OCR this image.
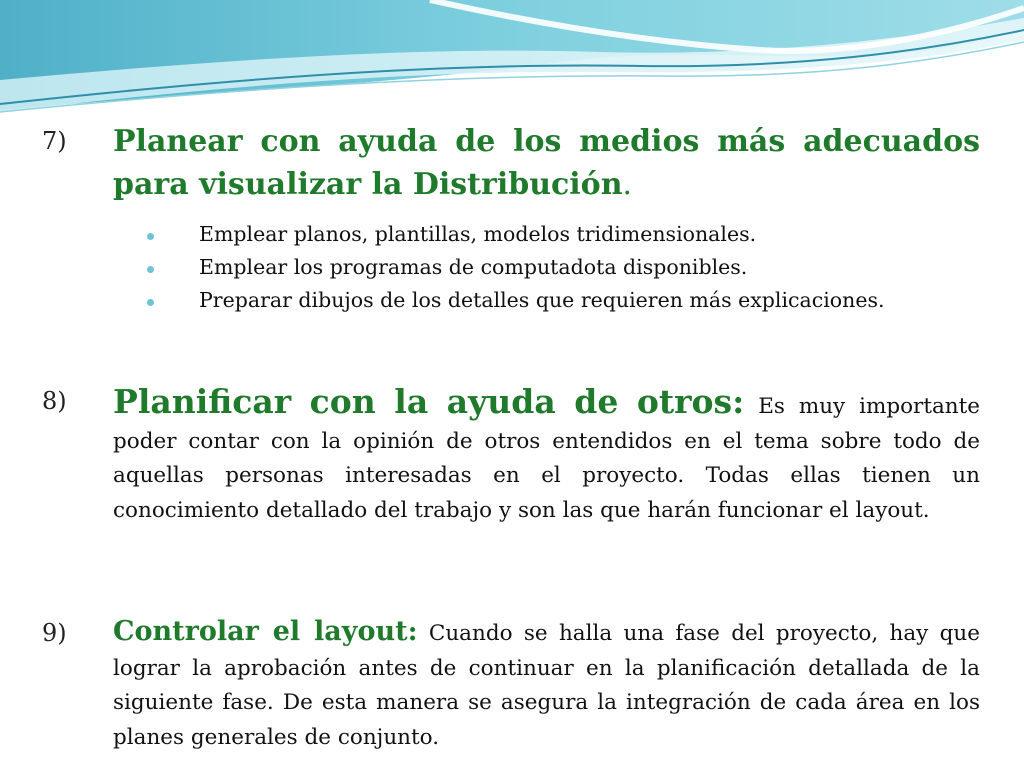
7) Planear con ayuda de los medios más adecuados para visualizar la Distribución.
Emplear planos, plantillas, modelos tridimensionales.
Emplear los programas de computadota disponibles.
Preparar dibujos de los detalles que requieren más explicaciones.
8) Planificar con la ayuda de otros: Es muy importante poder contar con la opinión de otros entendidos en el tema sobre todo de aquellas personas interesadas en el proyecto. Todas ellas tienen un conocimiento detallado del trabajo y son las que harán funcionar el layout.
9) Controlar el layout: Cuando se halla una fase del proyecto, hay que lograr la aprobación antes de continuar en la planificación detallada de la siguiente fase. De esta manera se asegura la integración de cada área en los planes generales de conjunto.
